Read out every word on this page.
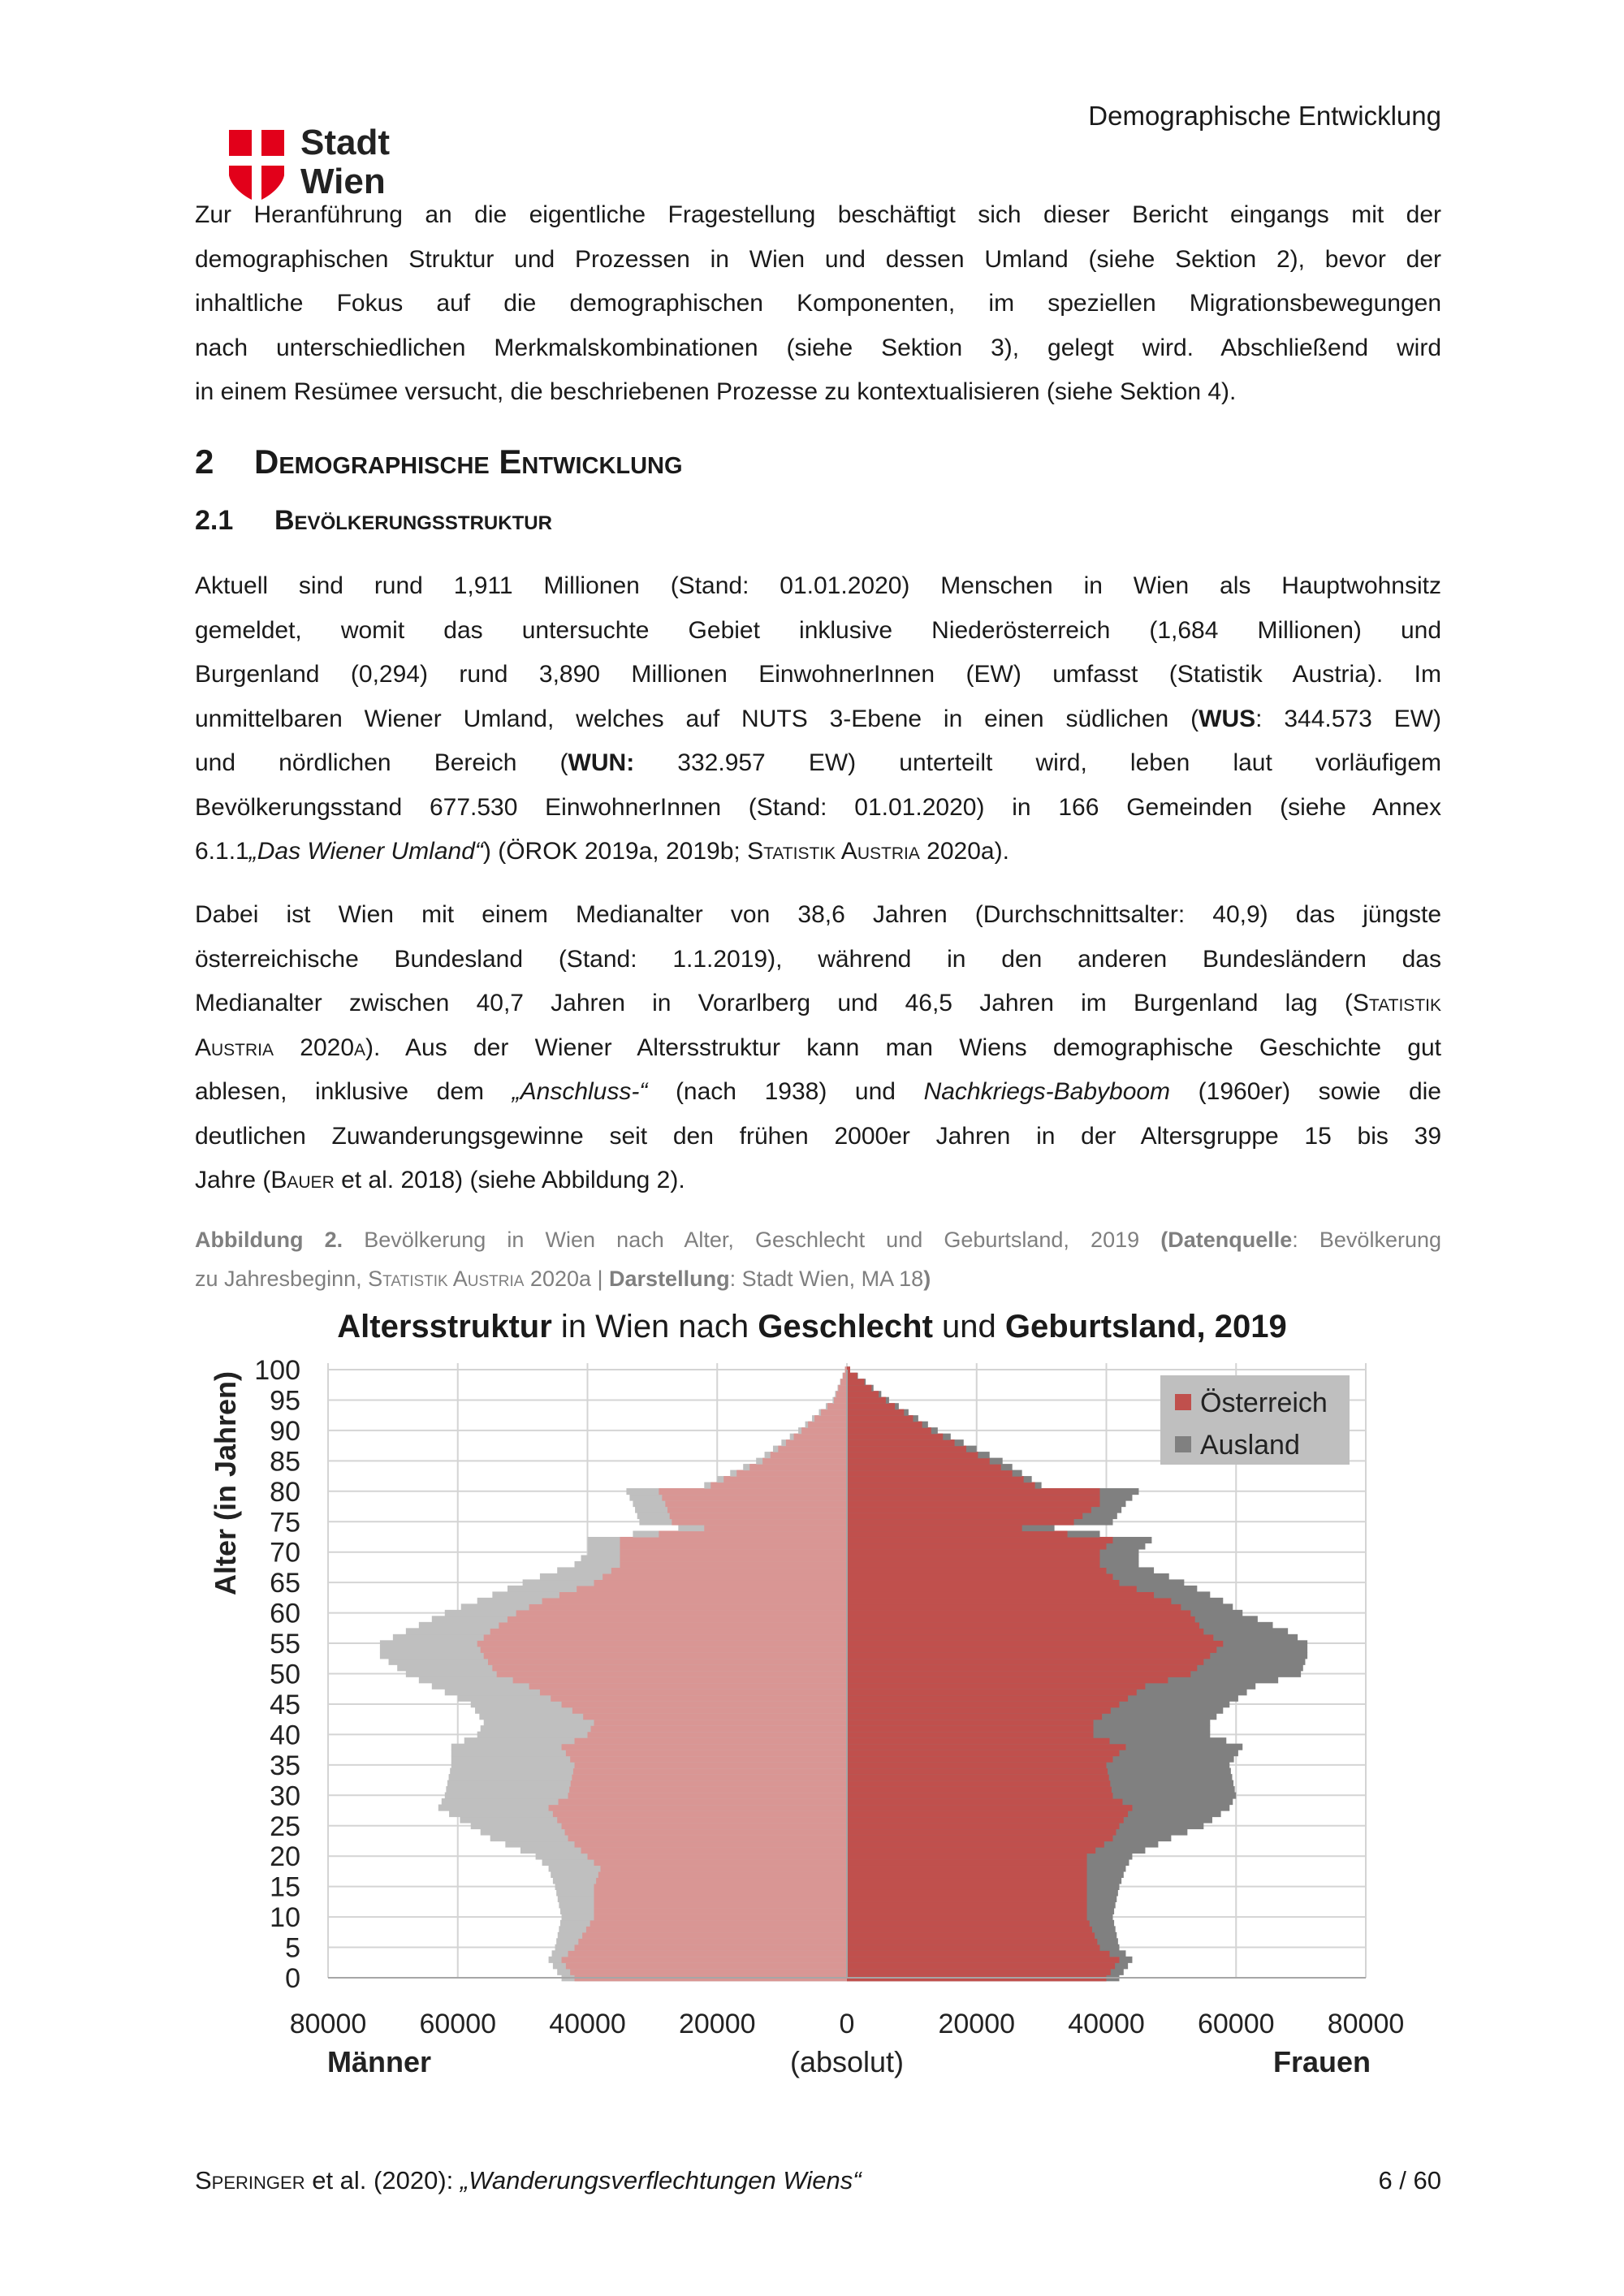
Demographische Entwicklung
Stadt
Wien
Zur Heranführung an die eigentliche Fragestellung beschäftigt sich dieser Bericht eingangs mit der
demographischen Struktur und Prozessen in Wien und dessen Umland (siehe Sektion 2), bevor der
inhaltliche Fokus auf die demographischen Komponenten, im speziellen Migrationsbewegungen
nach unterschiedlichen Merkmalskombinationen (siehe Sektion 3), gelegt wird. Abschließend wird
in einem Resümee versucht, die beschriebenen Prozesse zu kontextualisieren (siehe Sektion 4).
2 Demographische Entwicklung
2.1 Bevölkerungsstruktur
Aktuell sind rund 1,911 Millionen (Stand: 01.01.2020) Menschen in Wien als Hauptwohnsitz
gemeldet, womit das untersuchte Gebiet inklusive Niederösterreich (1,684 Millionen) und
Burgenland (0,294) rund 3,890 Millionen EinwohnerInnen (EW) umfasst (Statistik Austria). Im
unmittelbaren Wiener Umland, welches auf NUTS 3-Ebene in einen südlichen (WUS: 344.573 EW)
und nördlichen Bereich (WUN: 332.957 EW) unterteilt wird, leben laut vorläufigem
Bevölkerungsstand 677.530 EinwohnerInnen (Stand: 01.01.2020) in 166 Gemeinden (siehe Annex
6.1.1„Das Wiener Umland“) (ÖROK 2019a, 2019b; Statistik Austria 2020a).
Dabei ist Wien mit einem Medianalter von 38,6 Jahren (Durchschnittsalter: 40,9) das jüngste
österreichische Bundesland (Stand: 1.1.2019), während in den anderen Bundesländern das
Medianalter zwischen 40,7 Jahren in Vorarlberg und 46,5 Jahren im Burgenland lag (Statistik
Austria 2020a). Aus der Wiener Altersstruktur kann man Wiens demographische Geschichte gut
ablesen, inklusive dem „Anschluss-“ (nach 1938) und Nachkriegs-Babyboom (1960er) sowie die
deutlichen Zuwanderungsgewinne seit den frühen 2000er Jahren in der Altersgruppe 15 bis 39
Jahre (Bauer et al. 2018) (siehe Abbildung 2).
Abbildung 2. Bevölkerung in Wien nach Alter, Geschlecht und Geburtsland, 2019 (Datenquelle: Bevölkerung
zu Jahresbeginn, Statistik Austria 2020a | Darstellung: Stadt Wien, MA 18)
Altersstruktur in Wien nach Geschlecht und Geburtsland, 2019
0
5
10
15
20
25
30
35
40
45
50
55
60
65
70
75
80
85
90
95
100
80000 60000 40000 20000	0	20000 40000 60000 80000
Männer	(absolut)	Frauen
Alter (in Jahren)	Österreich
Ausland
Speringer et al. (2020): „Wanderungsverflechtungen Wiens“	6 / 60
